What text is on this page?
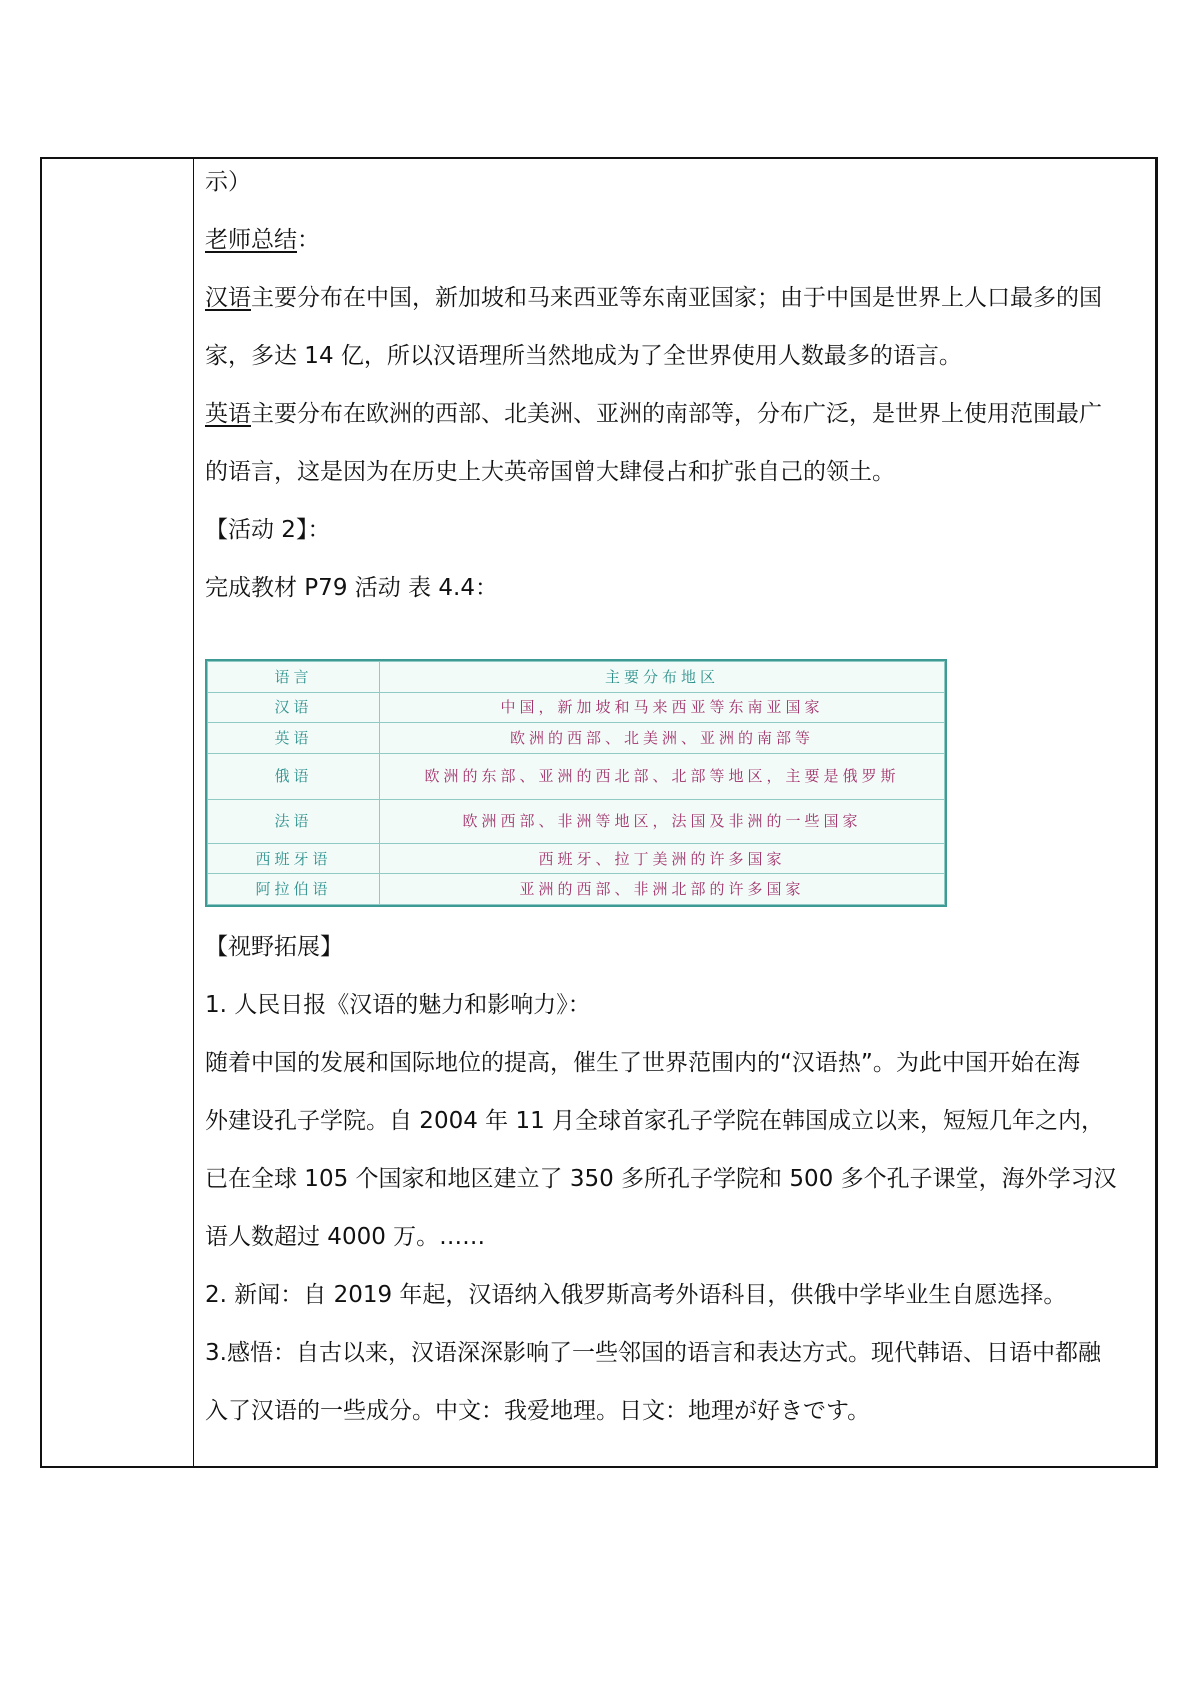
示）
老师总结：
汉语主要分布在中国，新加坡和马来西亚等东南亚国家；由于中国是世界上人口最多的国
家，多达 14 亿，所以汉语理所当然地成为了全世界使用人数最多的语言。
英语主要分布在欧洲的西部、北美洲、亚洲的南部等，分布广泛，是世界上使用范围最广
的语言，这是因为在历史上大英帝国曾大肆侵占和扩张自己的领土。
【活动 2】：
完成教材 P79 活动 表 4.4：
语言	主要分布地区
汉语	中国，新加坡和马来西亚等东南亚国家
英语	欧洲的西部、北美洲、亚洲的南部等
俄语	欧洲的东部、亚洲的西北部、北部等地区，主要是俄罗斯
法语	欧洲西部、非洲等地区，法国及非洲的一些国家
西班牙语	西班牙、拉丁美洲的许多国家
阿拉伯语	亚洲的西部、非洲北部的许多国家
【视野拓展】
1. 人民日报《汉语的魅力和影响力》：
随着中国的发展和国际地位的提高，催生了世界范围内的“汉语热”。为此中国开始在海
外建设孔子学院。自 2004 年 11 月全球首家孔子学院在韩国成立以来，短短几年之内，
已在全球 105 个国家和地区建立了 350 多所孔子学院和 500 多个孔子课堂，海外学习汉
语人数超过 4000 万。……
2. 新闻：自 2019 年起，汉语纳入俄罗斯高考外语科目，供俄中学毕业生自愿选择。
3.感悟：自古以来，汉语深深影响了一些邻国的语言和表达方式。现代韩语、日语中都融
入了汉语的一些成分。中文：我爱地理。日文：地理が好きです。
